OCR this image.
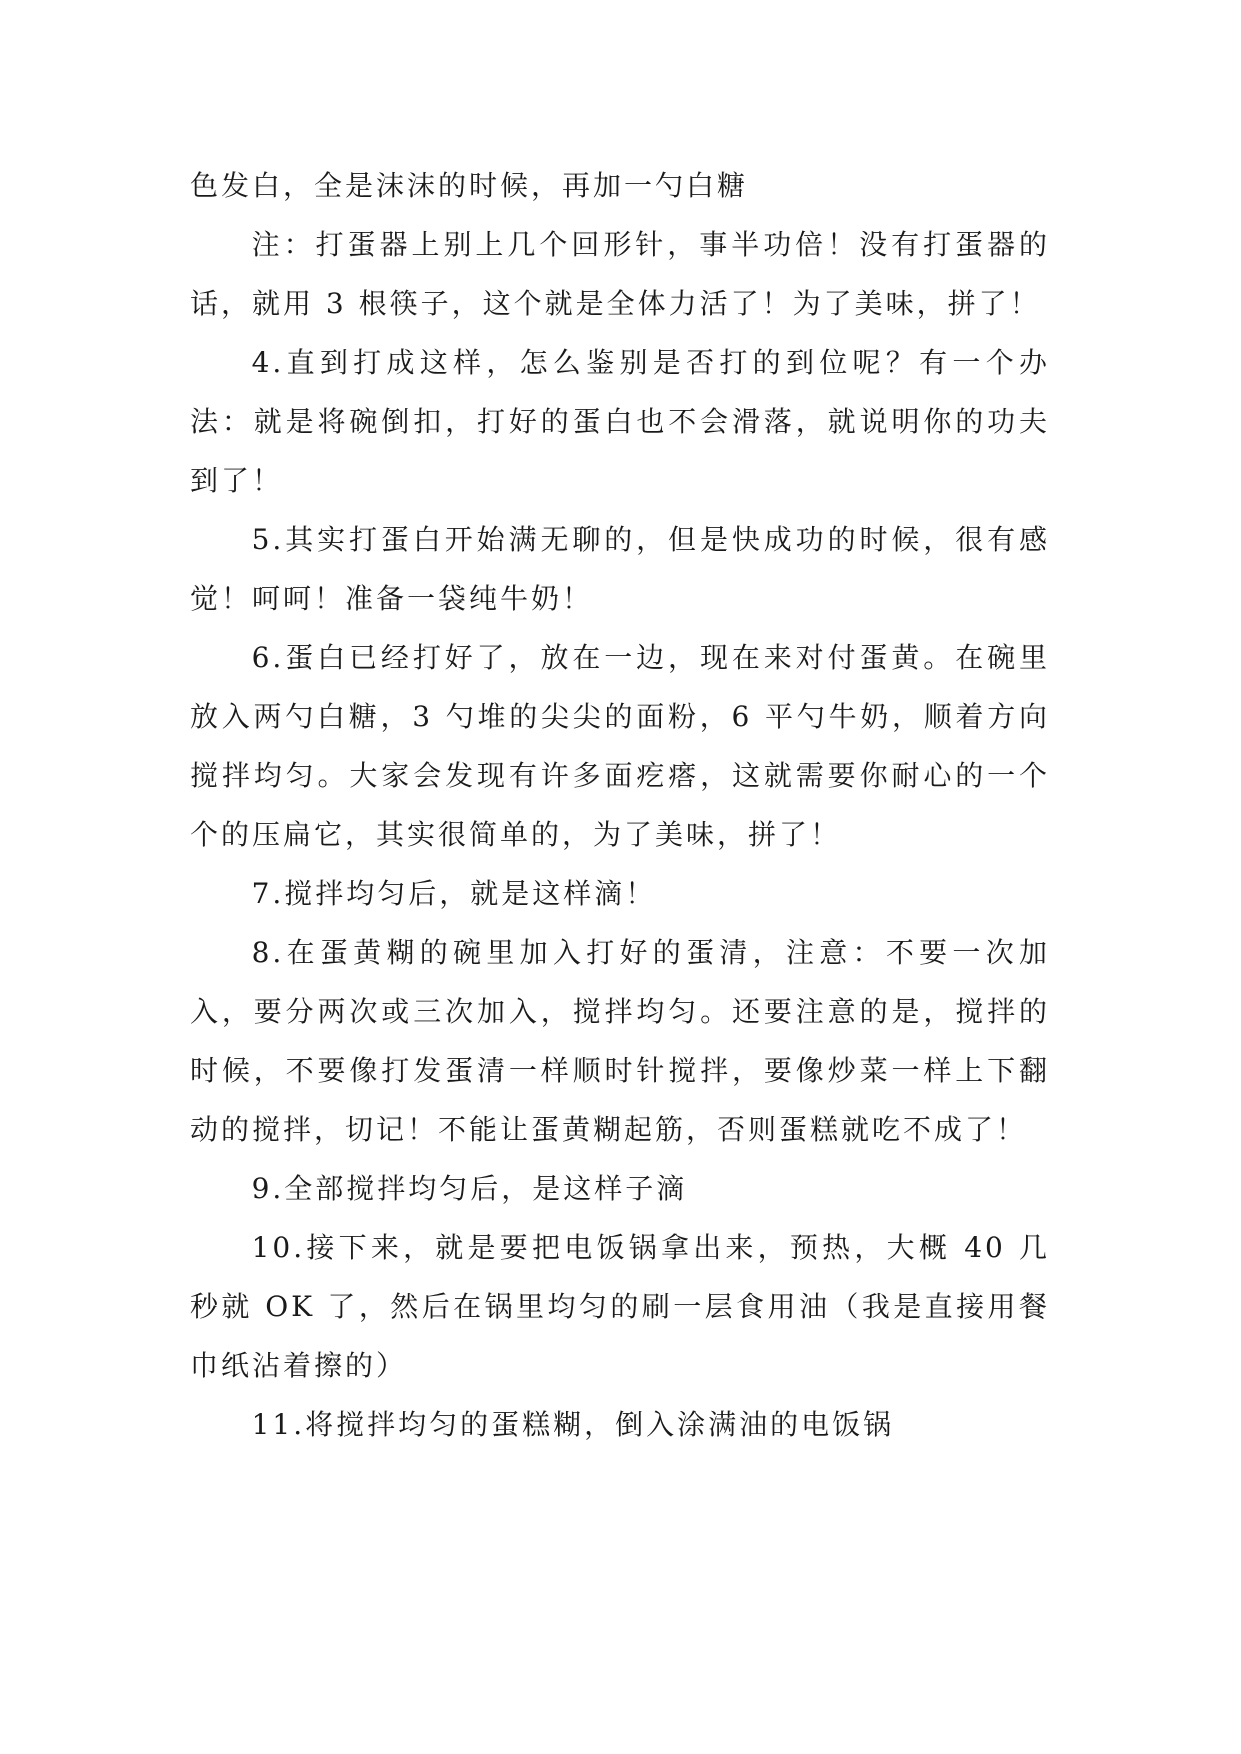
色发白，全是沫沫的时候，再加一勺白糖

注：打蛋器上别上几个回形针，事半功倍！没有打蛋器的话，就用 3 根筷子，这个就是全体力活了！为了美味，拼了！

4.直到打成这样，怎么鉴别是否打的到位呢？有一个办法：就是将碗倒扣，打好的蛋白也不会滑落，就说明你的功夫到了！

5.其实打蛋白开始满无聊的，但是快成功的时候，很有感觉！呵呵！准备一袋纯牛奶！

6.蛋白已经打好了，放在一边，现在来对付蛋黄。在碗里放入两勺白糖，3 勺堆的尖尖的面粉，6 平勺牛奶，顺着方向搅拌均匀。大家会发现有许多面疙瘩，这就需要你耐心的一个个的压扁它，其实很简单的，为了美味，拼了！

7.搅拌均匀后，就是这样滴！

8.在蛋黄糊的碗里加入打好的蛋清，注意：不要一次加入，要分两次或三次加入，搅拌均匀。还要注意的是，搅拌的时候，不要像打发蛋清一样顺时针搅拌，要像炒菜一样上下翻动的搅拌，切记！不能让蛋黄糊起筋，否则蛋糕就吃不成了！

9.全部搅拌均匀后，是这样子滴

10.接下来，就是要把电饭锅拿出来，预热，大概 40 几秒就 OK 了，然后在锅里均匀的刷一层食用油（我是直接用餐巾纸沾着擦的）

11.将搅拌均匀的蛋糕糊，倒入涂满油的电饭锅
